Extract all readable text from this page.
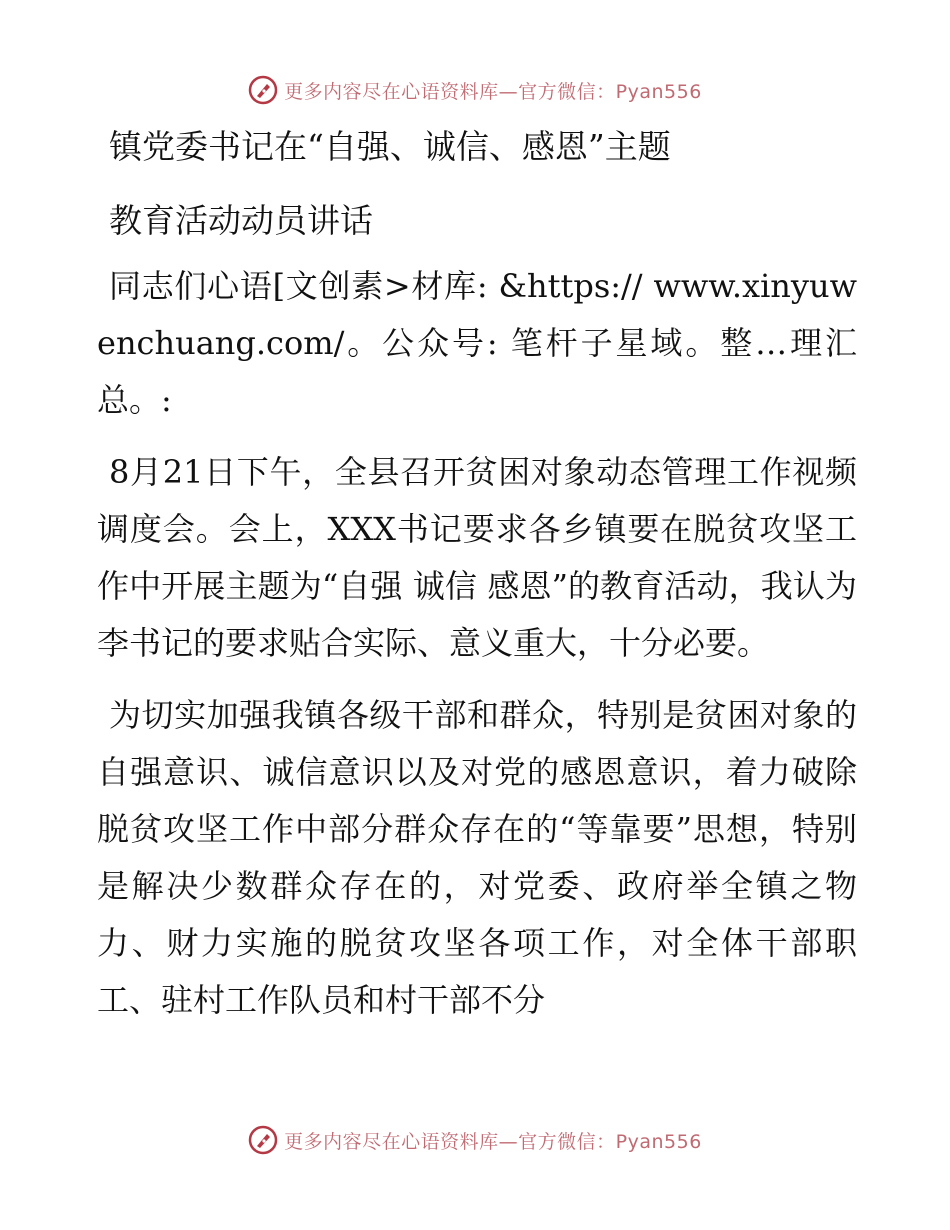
更多内容尽在心语资料库—官方微信：Pyan556
镇党委书记在“自强、诚信、感恩”主题
教育活动动员讲话

同志们心语[文创素>材库: &https:// www.xinyuwenchuang.com/。公众号: 笔杆子星域。整…理汇总。:

8月21日下午，全县召开贫困对象动态管理工作视频调度会。会上，XXX书记要求各乡镇要在脱贫攻坚工作中开展主题为“自强 诚信 感恩”的教育活动，我认为李书记的要求贴合实际、意义重大，十分必要。

为切实加强我镇各级干部和群众，特别是贫困对象的自强意识、诚信意识以及对党的感恩意识，着力破除脱贫攻坚工作中部分群众存在的“等靠要”思想，特别是解决少数群众存在的，对党委、政府举全镇之物力、财力实施的脱贫攻坚各项工作，对全体干部职工、驻村工作队员和村干部不分

更多内容尽在心语资料库—官方微信：Pyan556
